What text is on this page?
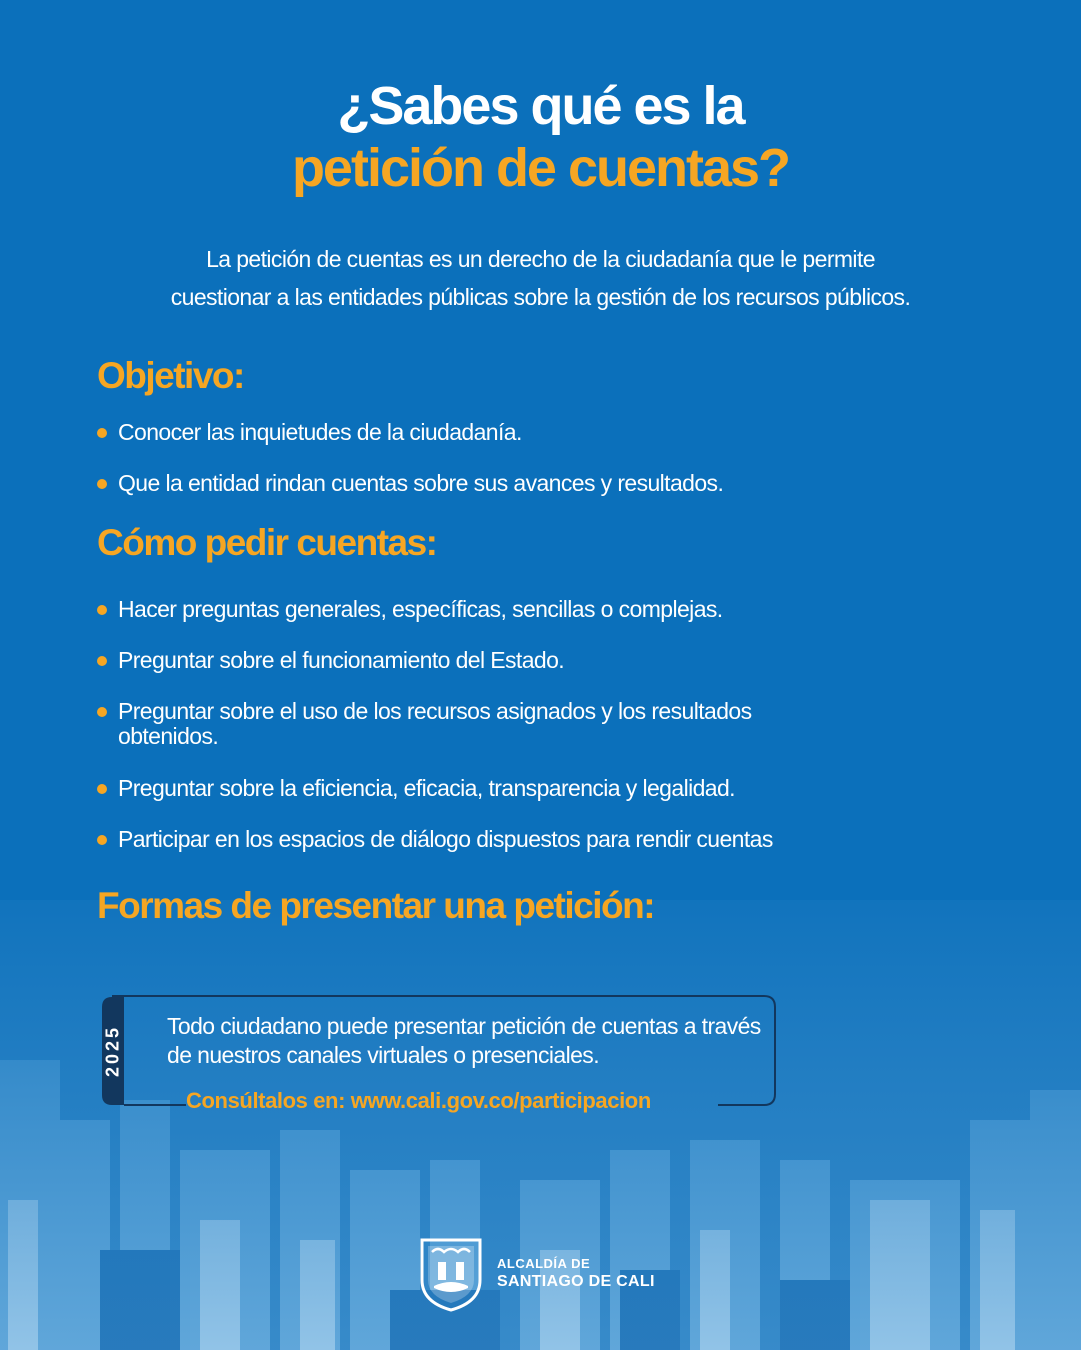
¿Sabes qué es la
petición de cuentas?
La petición de cuentas es un derecho de la ciudadanía que le permite
cuestionar a las entidades públicas sobre la gestión de los recursos públicos.
Objetivo:
Conocer las inquietudes de la ciudadanía.
Que la entidad rindan cuentas sobre sus avances y resultados.
Cómo pedir cuentas:
Hacer preguntas generales, específicas, sencillas o complejas.
Preguntar sobre el funcionamiento del Estado.
Preguntar sobre el uso de los recursos asignados y los resultados obtenidos.
Preguntar sobre la eficiencia, eficacia, transparencia y legalidad.
Participar en los espacios de diálogo dispuestos para rendir cuentas
Formas de presentar una petición:
2025 Todo ciudadano puede presentar petición de cuentas a través de nuestros canales virtuales o presenciales.
Consúltalos en: www.cali.gov.co/participacion
ALCALDÍA DE
SANTIAGO DE CALI
